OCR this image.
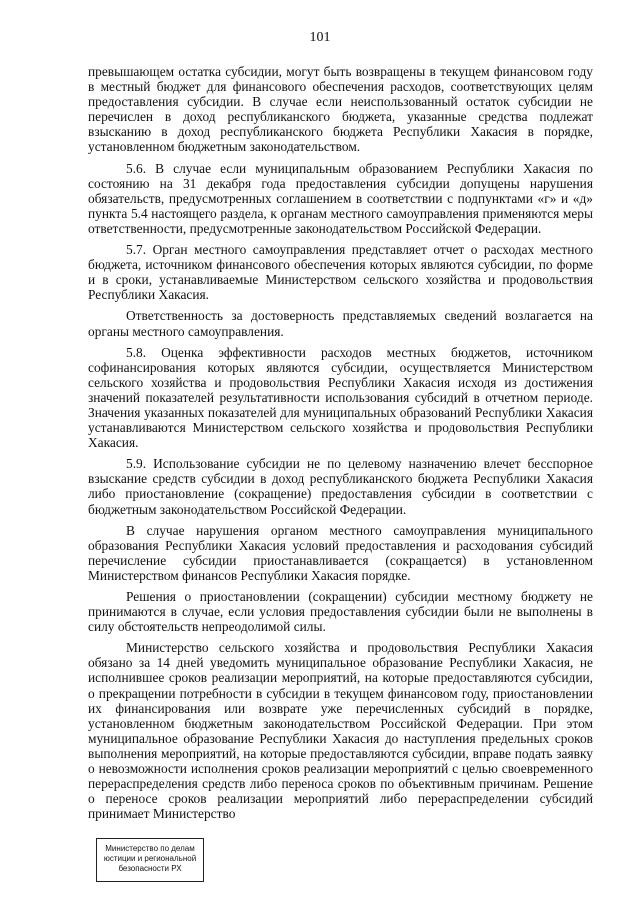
101

превышающем остатка субсидии, могут быть возвращены в текущем финансовом году в местный бюджет для финансового обеспечения расходов, соответствующих целям предоставления субсидии. В случае если неиспользованный остаток субсидии не перечислен в доход республиканского бюджета, указанные средства подлежат взысканию в доход республиканского бюджета Республики Хакасия в порядке, установленном бюджетным законодательством.

5.6. В случае если муниципальным образованием Республики Хакасия по состоянию на 31 декабря года предоставления субсидии допущены нарушения обязательств, предусмотренных соглашением в соответствии с подпунктами «г» и «д» пункта 5.4 настоящего раздела, к органам местного самоуправления применяются меры ответственности, предусмотренные законодательством Российской Федерации.

5.7. Орган местного самоуправления представляет отчет о расходах местного бюджета, источником финансового обеспечения которых являются субсидии, по форме и в сроки, устанавливаемые Министерством сельского хозяйства и продовольствия Республики Хакасия.

Ответственность за достоверность представляемых сведений возлагается на органы местного самоуправления.

5.8. Оценка эффективности расходов местных бюджетов, источником софинансирования которых являются субсидии, осуществляется Министерством сельского хозяйства и продовольствия Республики Хакасия исходя из достижения значений показателей результативности использования субсидий в отчетном периоде. Значения указанных показателей для муниципальных образований Республики Хакасия устанавливаются Министерством сельского хозяйства и продовольствия Республики Хакасия.

5.9. Использование субсидии не по целевому назначению влечет бесспорное взыскание средств субсидии в доход республиканского бюджета Республики Хакасия либо приостановление (сокращение) предоставления субсидии в соответствии с бюджетным законодательством Российской Федерации.

В случае нарушения органом местного самоуправления муниципального образования Республики Хакасия условий предоставления и расходования субсидий перечисление субсидии приостанавливается (сокращается) в установленном Министерством финансов Республики Хакасия порядке.

Решения о приостановлении (сокращении) субсидии местному бюджету не принимаются в случае, если условия предоставления субсидии были не выполнены в силу обстоятельств непреодолимой силы.

Министерство сельского хозяйства и продовольствия Республики Хакасия обязано за 14 дней уведомить муниципальное образование Республики Хакасия, не исполнившее сроков реализации мероприятий, на которые предоставляются субсидии, о прекращении потребности в субсидии в текущем финансовом году, приостановлении их финансирования или возврате уже перечисленных субсидий в порядке, установленном бюджетным законодательством Российской Федерации. При этом муниципальное образование Республики Хакасия до наступления предельных сроков выполнения мероприятий, на которые предоставляются субсидии, вправе подать заявку о невозможности исполнения сроков реализации мероприятий с целью своевременного перераспределения средств либо переноса сроков по объективным причинам. Решение о переносе сроков реализации мероприятий либо перераспределении субсидий принимает Министерство

Министерство по делам
юстиции и региональной
безопасности РХ
